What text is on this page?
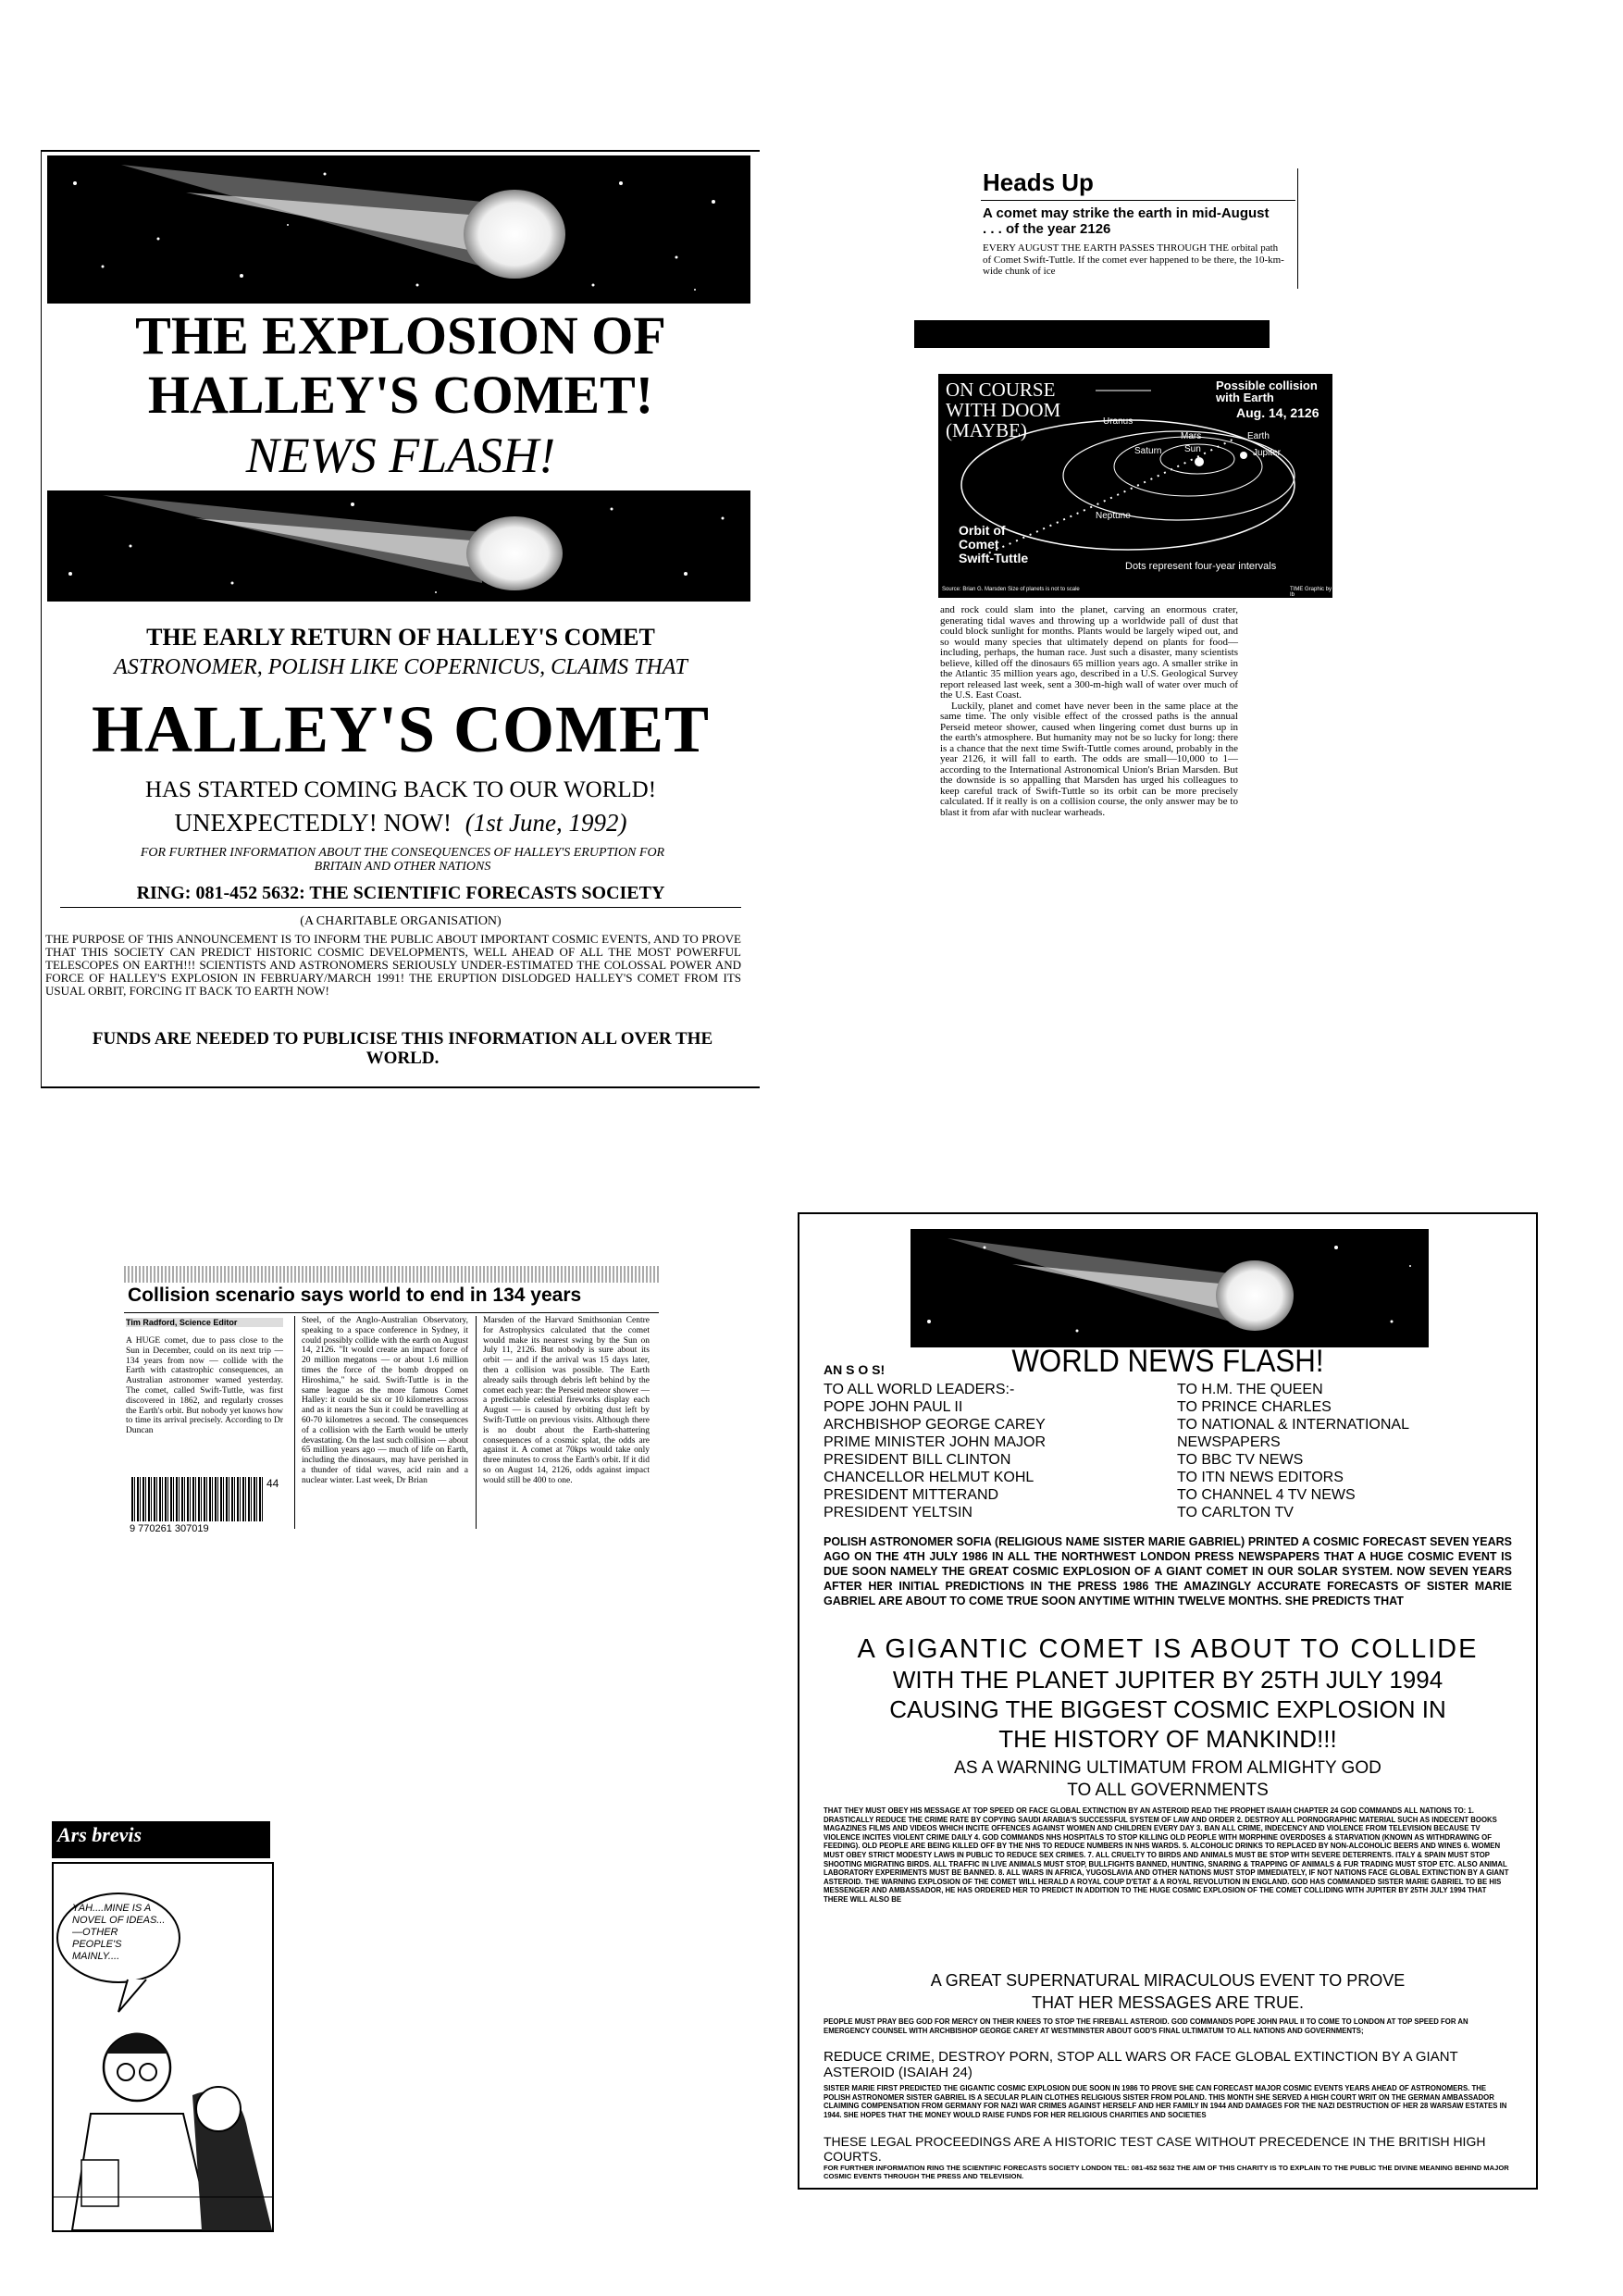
THE EXPLOSION OF
HALLEY'S COMET!
NEWS FLASH!
THE EARLY RETURN OF HALLEY'S COMET
ASTRONOMER, POLISH LIKE COPERNICUS, CLAIMS THAT
HALLEY'S COMET
HAS STARTED COMING BACK TO OUR WORLD!
UNEXPECTEDLY! NOW! (1st June, 1992)
FOR FURTHER INFORMATION ABOUT THE CONSEQUENCES OF HALLEY'S ERUPTION FOR BRITAIN AND OTHER NATIONS
RING: 081-452 5632: THE SCIENTIFIC FORECASTS SOCIETY
(A CHARITABLE ORGANISATION)
THE PURPOSE OF THIS ANNOUNCEMENT IS TO INFORM THE PUBLIC ABOUT IMPORTANT COSMIC EVENTS, AND TO PROVE THAT THIS SOCIETY CAN PREDICT HISTORIC COSMIC DEVELOPMENTS, WELL AHEAD OF ALL THE MOST POWERFUL TELESCOPES ON EARTH!!! SCIENTISTS AND ASTRONOMERS SERIOUSLY UNDER-ESTIMATED THE COLOSSAL POWER AND FORCE OF HALLEY'S EXPLOSION IN FEBRUARY/MARCH 1991! THE ERUPTION DISLODGED HALLEY'S COMET FROM ITS USUAL ORBIT, FORCING IT BACK TO EARTH NOW!
FUNDS ARE NEEDED TO PUBLICISE THIS INFORMATION ALL OVER THE WORLD.
Heads Up
A comet may strike the earth in mid-August . . . of the year 2126
EVERY AUGUST THE EARTH PASSES THROUGH THE orbital path of Comet Swift-Tuttle. If the comet ever happened to be there, the 10-km-wide chunk of ice
ON COURSE WITH DOOM (MAYBE)
Possible collision with Earth
Aug. 14, 2126
Uranus
Saturn
Mars
Sun
Earth
Jupiter
Neptune
Orbit of Comet Swift-Tuttle
Dots represent four-year intervals
Source: Brian G. Marsden Size of planets is not to scale	TIME Graphic by Ib
and rock could slam into the planet, carving an enormous crater, generating tidal waves and throwing up a worldwide pall of dust that could block sunlight for months. Plants would be largely wiped out, and so would many species that ultimately depend on plants for food—including, perhaps, the human race. Just such a disaster, many scientists believe, killed off the dinosaurs 65 million years ago. A smaller strike in the Atlantic 35 million years ago, described in a U.S. Geological Survey report released last week, sent a 300-m-high wall of water over much of the U.S. East Coast.
Luckily, planet and comet have never been in the same place at the same time. The only visible effect of the crossed paths is the annual Perseid meteor shower, caused when lingering comet dust burns up in the earth's atmosphere. But humanity may not be so lucky for long: there is a chance that the next time Swift-Tuttle comes around, probably in the year 2126, it will fall to earth. The odds are small—10,000 to 1—according to the International Astronomical Union's Brian Marsden. But the downside is so appalling that Marsden has urged his colleagues to keep careful track of Swift-Tuttle so its orbit can be more precisely calculated. If it really is on a collision course, the only answer may be to blast it from afar with nuclear warheads.
Collision scenario says world to end in 134 years
Tim Radford, Science Editor
A HUGE comet, due to pass close to the Sun in December, could on its next trip — 134 years from now — collide with the Earth with catastrophic consequences, an Australian astronomer warned yesterday. The comet, called Swift-Tuttle, was first discovered in 1862, and regularly crosses the Earth's orbit. But nobody yet knows how to time its arrival precisely. According to Dr Duncan
Steel, of the Anglo-Australian Observatory, speaking to a space conference in Sydney, it could possibly collide with the earth on August 14, 2126. "It would create an impact force of 20 million megatons — or about 1.6 million times the force of the bomb dropped on Hiroshima," he said. Swift-Tuttle is in the same league as the more famous Comet Halley: it could be six or 10 kilometres across and as it nears the Sun it could be travelling at 60-70 kilometres a second. The consequences of a collision with the Earth would be utterly devastating. On the last such collision — about 65 million years ago — much of life on Earth, including the dinosaurs, may have perished in a thunder of tidal waves, acid rain and a nuclear winter. Last week, Dr Brian
Marsden of the Harvard Smithsonian Centre for Astrophysics calculated that the comet would make its nearest swing by the Sun on July 11, 2126. But nobody is sure about its orbit — and if the arrival was 15 days later, then a collision was possible. The Earth already sails through debris left behind by the comet each year: the Perseid meteor shower — a predictable celestial fireworks display each August — is caused by orbiting dust left by Swift-Tuttle on previous visits. Although there is no doubt about the Earth-shattering consequences of a cosmic splat, the odds are against it. A comet at 70kps would take only three minutes to cross the Earth's orbit. If it did so on August 14, 2126, odds against impact would still be 400 to one.
9 770261 307019
44
Ars brevis
YAH....MINE IS A NOVEL OF IDEAS... —OTHER PEOPLE'S MAINLY....
WORLD NEWS FLASH!
AN S O S!
TO ALL WORLD LEADERS:-
POPE JOHN PAUL II
ARCHBISHOP GEORGE CAREY
PRIME MINISTER JOHN MAJOR
PRESIDENT BILL CLINTON
CHANCELLOR HELMUT KOHL
PRESIDENT MITTERAND
PRESIDENT YELTSIN
TO H.M. THE QUEEN
TO PRINCE CHARLES
TO NATIONAL & INTERNATIONAL NEWSPAPERS
TO BBC TV NEWS
TO ITN NEWS EDITORS
TO CHANNEL 4 TV NEWS
TO CARLTON TV
POLISH ASTRONOMER SOFIA (RELIGIOUS NAME SISTER MARIE GABRIEL) PRINTED A COSMIC FORECAST SEVEN YEARS AGO ON THE 4TH JULY 1986 IN ALL THE NORTHWEST LONDON PRESS NEWSPAPERS THAT A HUGE COSMIC EVENT IS DUE SOON NAMELY THE GREAT COSMIC EXPLOSION OF A GIANT COMET IN OUR SOLAR SYSTEM. NOW SEVEN YEARS AFTER HER INITIAL PREDICTIONS IN THE PRESS 1986 THE AMAZINGLY ACCURATE FORECASTS OF SISTER MARIE GABRIEL ARE ABOUT TO COME TRUE SOON ANYTIME WITHIN TWELVE MONTHS. SHE PREDICTS THAT
A GIGANTIC COMET IS ABOUT TO COLLIDE
WITH THE PLANET JUPITER BY 25TH JULY 1994
CAUSING THE BIGGEST COSMIC EXPLOSION IN
THE HISTORY OF MANKIND!!!
AS A WARNING ULTIMATUM FROM ALMIGHTY GOD
TO ALL GOVERNMENTS
THAT THEY MUST OBEY HIS MESSAGE AT TOP SPEED OR FACE GLOBAL EXTINCTION BY AN ASTEROID READ THE PROPHET ISAIAH CHAPTER 24 GOD COMMANDS ALL NATIONS TO: 1. DRASTICALLY REDUCE THE CRIME RATE BY COPYING SAUDI ARABIA'S SUCCESSFUL SYSTEM OF LAW AND ORDER 2. DESTROY ALL PORNOGRAPHIC MATERIAL SUCH AS INDECENT BOOKS MAGAZINES FILMS AND VIDEOS WHICH INCITE OFFENCES AGAINST WOMEN AND CHILDREN EVERY DAY 3. BAN ALL CRIME, INDECENCY AND VIOLENCE FROM TELEVISION BECAUSE TV VIOLENCE INCITES VIOLENT CRIME DAILY 4. GOD COMMANDS NHS HOSPITALS TO STOP KILLING OLD PEOPLE WITH MORPHINE OVERDOSES & STARVATION (KNOWN AS WITHDRAWING OF FEEDING). OLD PEOPLE ARE BEING KILLED OFF BY THE NHS TO REDUCE NUMBERS IN NHS WARDS. 5. ALCOHOLIC DRINKS TO REPLACED BY NON-ALCOHOLIC BEERS AND WINES 6. WOMEN MUST OBEY STRICT MODESTY LAWS IN PUBLIC TO REDUCE SEX CRIMES. 7. ALL CRUELTY TO BIRDS AND ANIMALS MUST BE STOP WITH SEVERE DETERRENTS. ITALY & SPAIN MUST STOP SHOOTING MIGRATING BIRDS. ALL TRAFFIC IN LIVE ANIMALS MUST STOP, BULLFIGHTS BANNED, HUNTING, SNARING & TRAPPING OF ANIMALS & FUR TRADING MUST STOP ETC. ALSO ANIMAL LABORATORY EXPERIMENTS MUST BE BANNED. 8. ALL WARS IN AFRICA, YUGOSLAVIA AND OTHER NATIONS MUST STOP IMMEDIATELY, IF NOT NATIONS FACE GLOBAL EXTINCTION BY A GIANT ASTEROID. THE WARNING EXPLOSION OF THE COMET WILL HERALD A ROYAL COUP D'ETAT & A ROYAL REVOLUTION IN ENGLAND. GOD HAS COMMANDED SISTER MARIE GABRIEL TO BE HIS MESSENGER AND AMBASSADOR, HE HAS ORDERED HER TO PREDICT IN ADDITION TO THE HUGE COSMIC EXPLOSION OF THE COMET COLLIDING WITH JUPITER BY 25TH JULY 1994 THAT THERE WILL ALSO BE
A GREAT SUPERNATURAL MIRACULOUS EVENT TO PROVE
THAT HER MESSAGES ARE TRUE.
PEOPLE MUST PRAY BEG GOD FOR MERCY ON THEIR KNEES TO STOP THE FIREBALL ASTEROID. GOD COMMANDS POPE JOHN PAUL II TO COME TO LONDON AT TOP SPEED FOR AN EMERGENCY COUNSEL WITH ARCHBISHOP GEORGE CAREY AT WESTMINSTER ABOUT GOD'S FINAL ULTIMATUM TO ALL NATIONS AND GOVERNMENTS;
REDUCE CRIME, DESTROY PORN, STOP ALL WARS OR FACE GLOBAL EXTINCTION BY A GIANT ASTEROID (ISAIAH 24)
SISTER MARIE FIRST PREDICTED THE GIGANTIC COSMIC EXPLOSION DUE SOON IN 1986 TO PROVE SHE CAN FORECAST MAJOR COSMIC EVENTS YEARS AHEAD OF ASTRONOMERS. THE POLISH ASTRONOMER SISTER GABRIEL IS A SECULAR PLAIN CLOTHES RELIGIOUS SISTER FROM POLAND. THIS MONTH SHE SERVED A HIGH COURT WRIT ON THE GERMAN AMBASSADOR CLAIMING COMPENSATION FROM GERMANY FOR NAZI WAR CRIMES AGAINST HERSELF AND HER FAMILY IN 1944 AND DAMAGES FOR THE NAZI DESTRUCTION OF HER 28 WARSAW ESTATES IN 1944. SHE HOPES THAT THE MONEY WOULD RAISE FUNDS FOR HER RELIGIOUS CHARITIES AND SOCIETIES
THESE LEGAL PROCEEDINGS ARE A HISTORIC TEST CASE WITHOUT PRECEDENCE IN THE BRITISH HIGH COURTS.
FOR FURTHER INFORMATION RING THE SCIENTIFIC FORECASTS SOCIETY LONDON TEL: 081-452 5632 THE AIM OF THIS CHARITY IS TO EXPLAIN TO THE PUBLIC THE DIVINE MEANING BEHIND MAJOR COSMIC EVENTS THROUGH THE PRESS AND TELEVISION.
